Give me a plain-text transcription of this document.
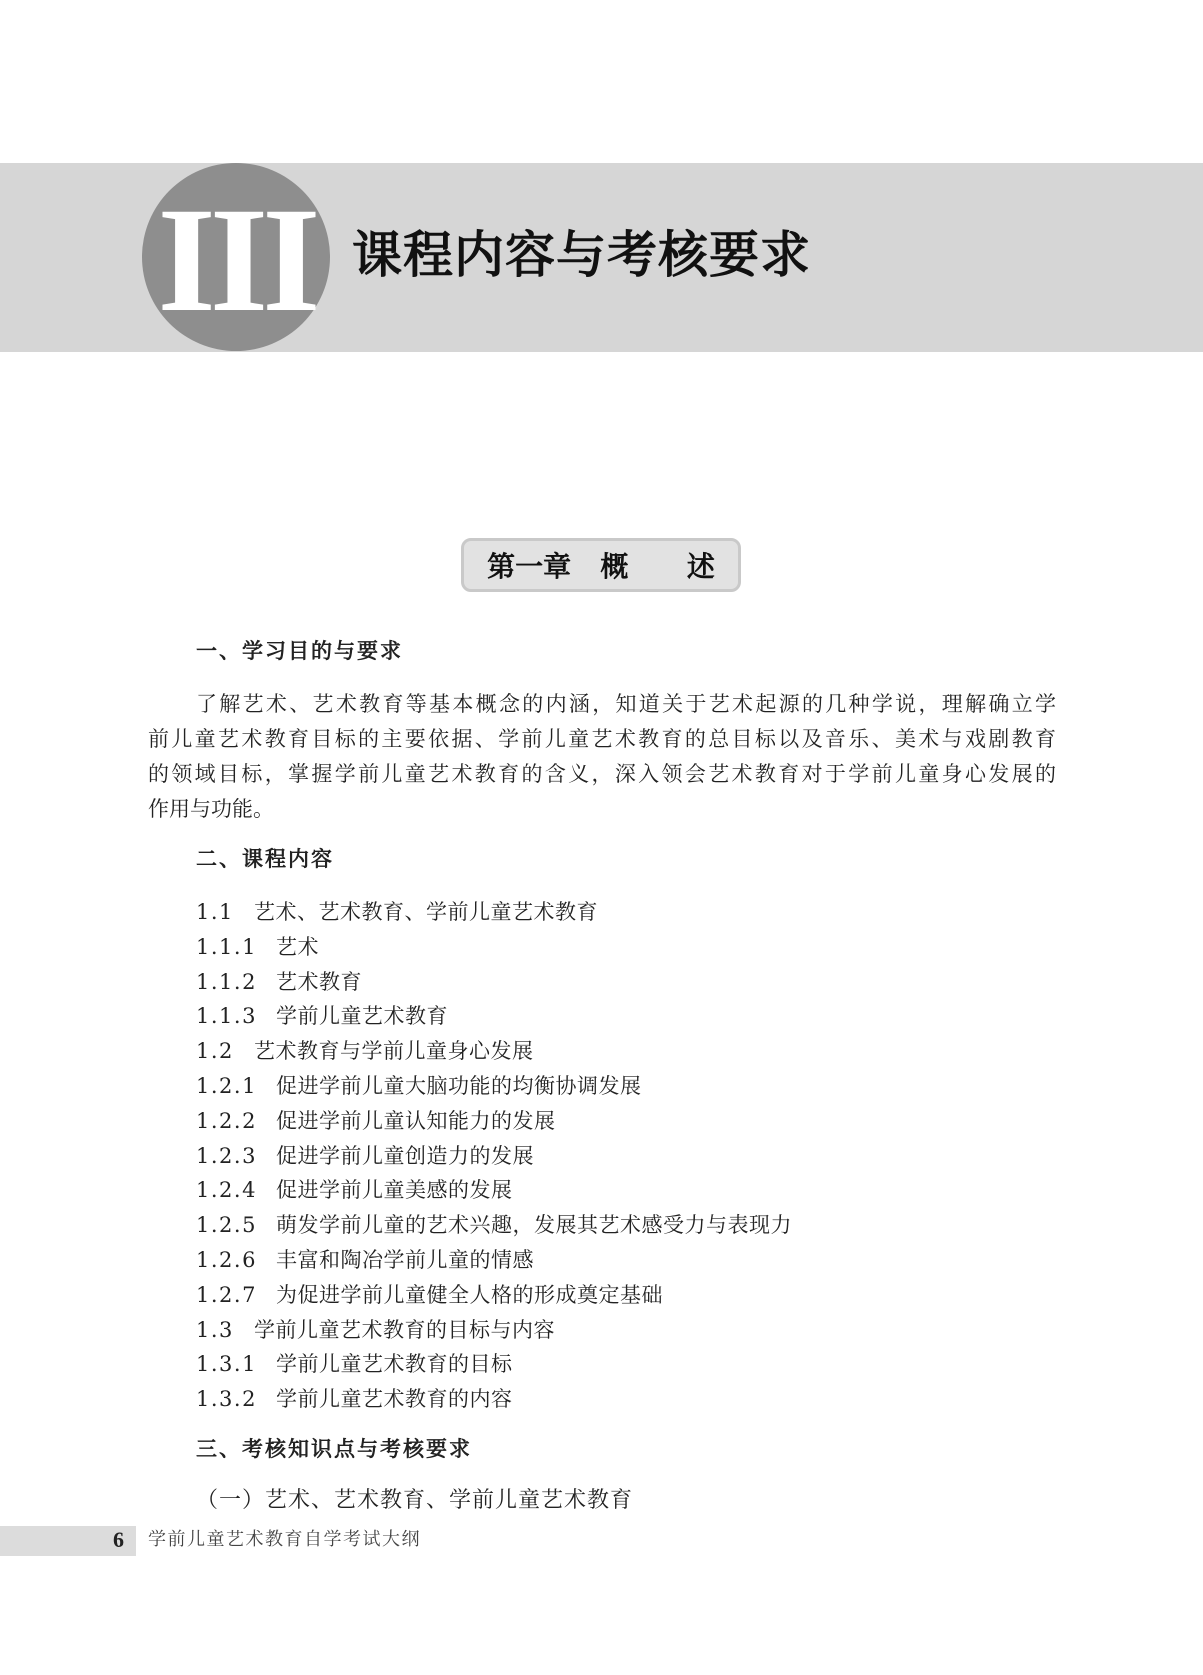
III 课程内容与考核要求
第一章   概      述
一、学习目的与要求

了解艺术、艺术教育等基本概念的内涵，知道关于艺术起源的几种学说，理解确立学
前儿童艺术教育目标的主要依据、学前儿童艺术教育的总目标以及音乐、美术与戏剧教育
的领域目标，掌握学前儿童艺术教育的含义，深入领会艺术教育对于学前儿童身心发展的
作用与功能。

二、课程内容
1.1 艺术、艺术教育、学前儿童艺术教育
1.1.1 艺术
1.1.2 艺术教育
1.1.3 学前儿童艺术教育
1.2 艺术教育与学前儿童身心发展
1.2.1 促进学前儿童大脑功能的均衡协调发展
1.2.2 促进学前儿童认知能力的发展
1.2.3 促进学前儿童创造力的发展
1.2.4 促进学前儿童美感的发展
1.2.5 萌发学前儿童的艺术兴趣，发展其艺术感受力与表现力
1.2.6 丰富和陶冶学前儿童的情感
1.2.7 为促进学前儿童健全人格的形成奠定基础
1.3 学前儿童艺术教育的目标与内容
1.3.1 学前儿童艺术教育的目标
1.3.2 学前儿童艺术教育的内容
三、考核知识点与考核要求
（一）艺术、艺术教育、学前儿童艺术教育
6 学前儿童艺术教育自学考试大纲
